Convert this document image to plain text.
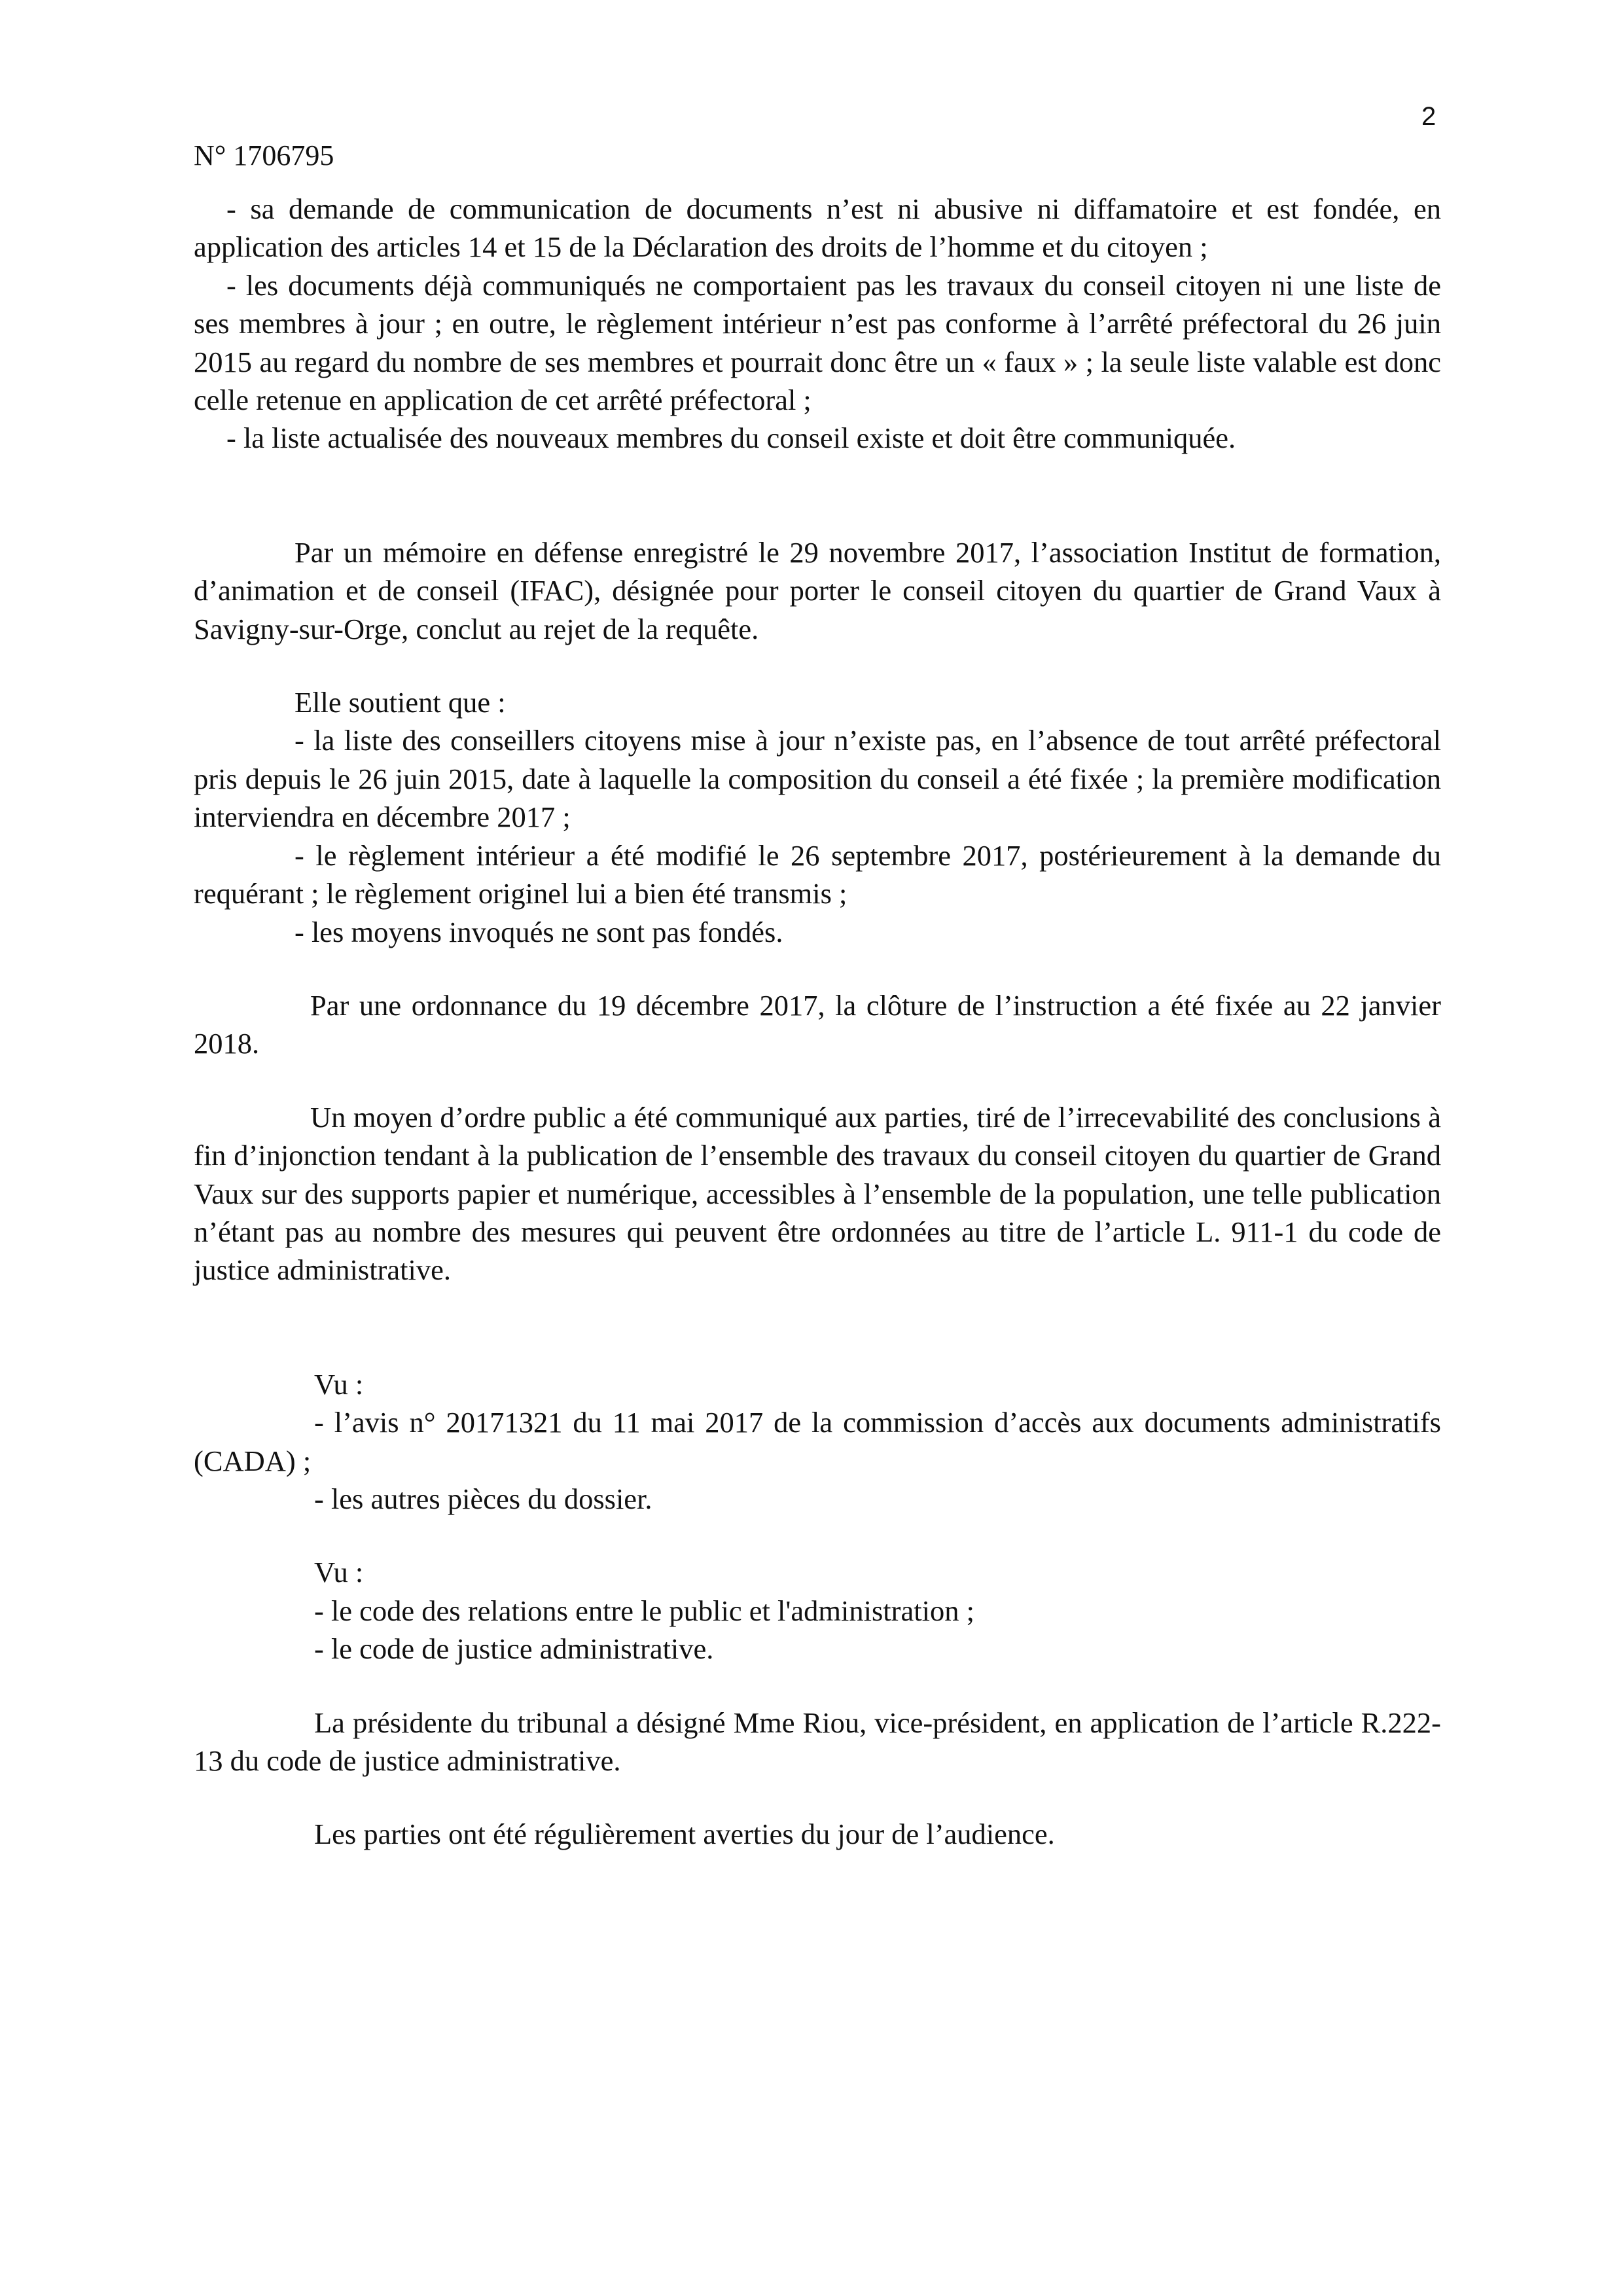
2
N° 1706795

- sa demande de communication de documents n’est ni abusive ni diffamatoire et est fondée, en application des articles 14 et 15 de la Déclaration des droits de l’homme et du citoyen ;

- les documents déjà communiqués ne comportaient pas les travaux du conseil citoyen ni une liste de ses membres à jour ; en outre, le règlement intérieur n’est pas conforme à l’arrêté préfectoral du 26 juin 2015 au regard du nombre de ses membres et pourrait donc être un « faux » ; la seule liste valable est donc celle retenue en application de cet arrêté préfectoral ;

- la liste actualisée des nouveaux membres du conseil existe et doit être communiquée.

Par un mémoire en défense enregistré le 29 novembre 2017, l’association Institut de formation, d’animation et de conseil (IFAC), désignée pour porter le conseil citoyen du quartier de Grand Vaux à Savigny-sur-Orge, conclut au rejet de la requête.

Elle soutient que :

- la liste des conseillers citoyens mise à jour n’existe pas, en l’absence de tout arrêté préfectoral pris depuis le 26 juin 2015, date à laquelle la composition du conseil a été fixée ; la première modification interviendra en décembre 2017 ;

- le règlement intérieur a été modifié le 26 septembre 2017, postérieurement à la demande du requérant ; le règlement originel lui a bien été transmis ;

- les moyens invoqués ne sont pas fondés.

Par une ordonnance du 19 décembre 2017, la clôture de l’instruction a été fixée au 22 janvier 2018.

Un moyen d’ordre public a été communiqué aux parties, tiré de l’irrecevabilité des conclusions à fin d’injonction tendant à la publication de l’ensemble des travaux du conseil citoyen du quartier de Grand Vaux sur des supports papier et numérique, accessibles à l’ensemble de la population, une telle publication n’étant pas au nombre des mesures qui peuvent être ordonnées au titre de l’article L. 911-1 du code de justice administrative.

Vu :

- l’avis n° 20171321 du 11 mai 2017 de la commission d’accès aux documents administratifs (CADA) ;

- les autres pièces du dossier.

Vu :

- le code des relations entre le public et l'administration ;

- le code de justice administrative.

La présidente du tribunal a désigné Mme Riou, vice-président, en application de l’article R.222-13 du code de justice administrative.

Les parties ont été régulièrement averties du jour de l’audience.
